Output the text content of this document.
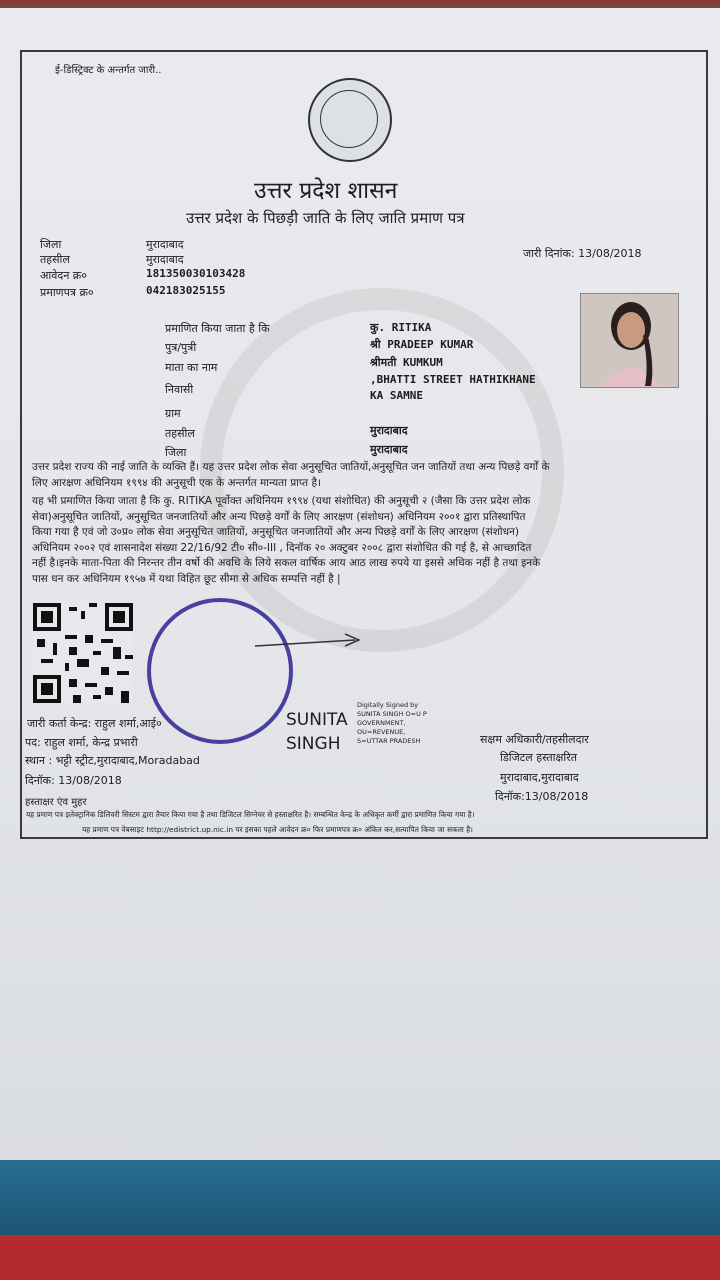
ई-डिस्ट्रिक्ट के अन्तर्गत जारी..
उत्तर प्रदेश शासन
उत्तर प्रदेश के पिछड़ी जाति के लिए जाति प्रमाण पत्र
जिला	मुरादाबाद
तहसील	मुरादाबाद
आवेदन क्र०	181350030103428
प्रमाणपत्र क्र०	042183025155
जारी दिनांक: 13/08/2018
प्रमाणित किया जाता है कि	कु. RITIKA
पुत्र/पुत्री	श्री PRADEEP KUMAR
माता का नाम	श्रीमती KUMKUM
निवासी
,BHATTI STREET HATHIKHANE
KA SAMNE
ग्राम
तहसील	मुरादाबाद
जिला	मुरादाबाद
उत्तर प्रदेश राज्य की नाई जाति के व्यक्ति हैं। यह उत्तर प्रदेश लोक सेवा अनुसूचित जातियों,अनुसूचित जन जातियों तथा अन्य पिछड़े वर्गों के
लिए आरक्षण अधिनियम १९९४ की अनुसूची एक के अन्तर्गत मान्यता प्राप्त है।
यह भी प्रमाणित किया जाता है कि कु. RITIKA पूर्वोक्त अधिनियम १९९४ (यथा संशोधित) की अनुसूची २ (जैसा कि उत्तर प्रदेश लोक
सेवा)अनुसूचित जातियों, अनुसूचित जनजातियों और अन्य पिछड़े वर्गों के लिए आरक्षण (संशोधन) अधिनियम २००१ द्वारा प्रतिस्थापित
किया गया है एवं जो उ०प्र० लोक सेवा अनुसूचित जातियों, अनुसूचित जनजातियों और अन्य पिछड़े वर्गों के लिए आरक्षण (संशोधन)
अधिनियम २००२ एवं शासनादेश संख्या 22/16/92 टी० सी०-III , दिनॉक २० अक्टुबर २००८ द्वारा संशोधित की गई है, से आच्छादित
नहीं है।इनके माता-पिता की निरन्तर तीन वर्षो की अवधि के लिये सकल वार्षिक आय आठ लाख रुपये या इससे अधिक नहीं है तथा इनके
पास धन कर अधिनियम १९५७ में यथा विहित छूट सीमा से अधिक सम्पत्ति नहीं है |
जारी कर्ता केन्द्र: राहुल शर्मा,आई०
पद: राहुल शर्मा, केन्द्र प्रभारी
स्थान : भट्टी स्ट्रीट,मुरादाबाद,Moradabad
दिनॉक: 13/08/2018
हस्ताक्षर एंव मुहर
SUNITA
SINGH
Digitally Signed by
SUNITA SINGH O=U P
GOVERNMENT,
OU=REVENUE,
S=UTTAR PRADESH	सक्षम अधिकारी/तहसीलदार
डिजिटल हस्ताक्षरित
मुरादाबाद,मुरादाबाद
दिनॉक:13/08/2018
यह प्रमाण पत्र इलेक्ट्रानिक डिलिवरी सिस्टम द्वारा तैयार किया गया है तथा डिजिटल सिग्नेचर से हस्ताक्षरित है। सम्बन्धित केन्द्र के अधिकृत कर्मी द्वारा प्रमाणित किया गया है।
यह प्रमाण पत्र वेबसाइट http://edistrict.up.nic.in पर इसका पहले आवेदन क्र० फिर प्रमाणपत्र क्र० अंकित कर,सत्यापित किया जा सकता है।
